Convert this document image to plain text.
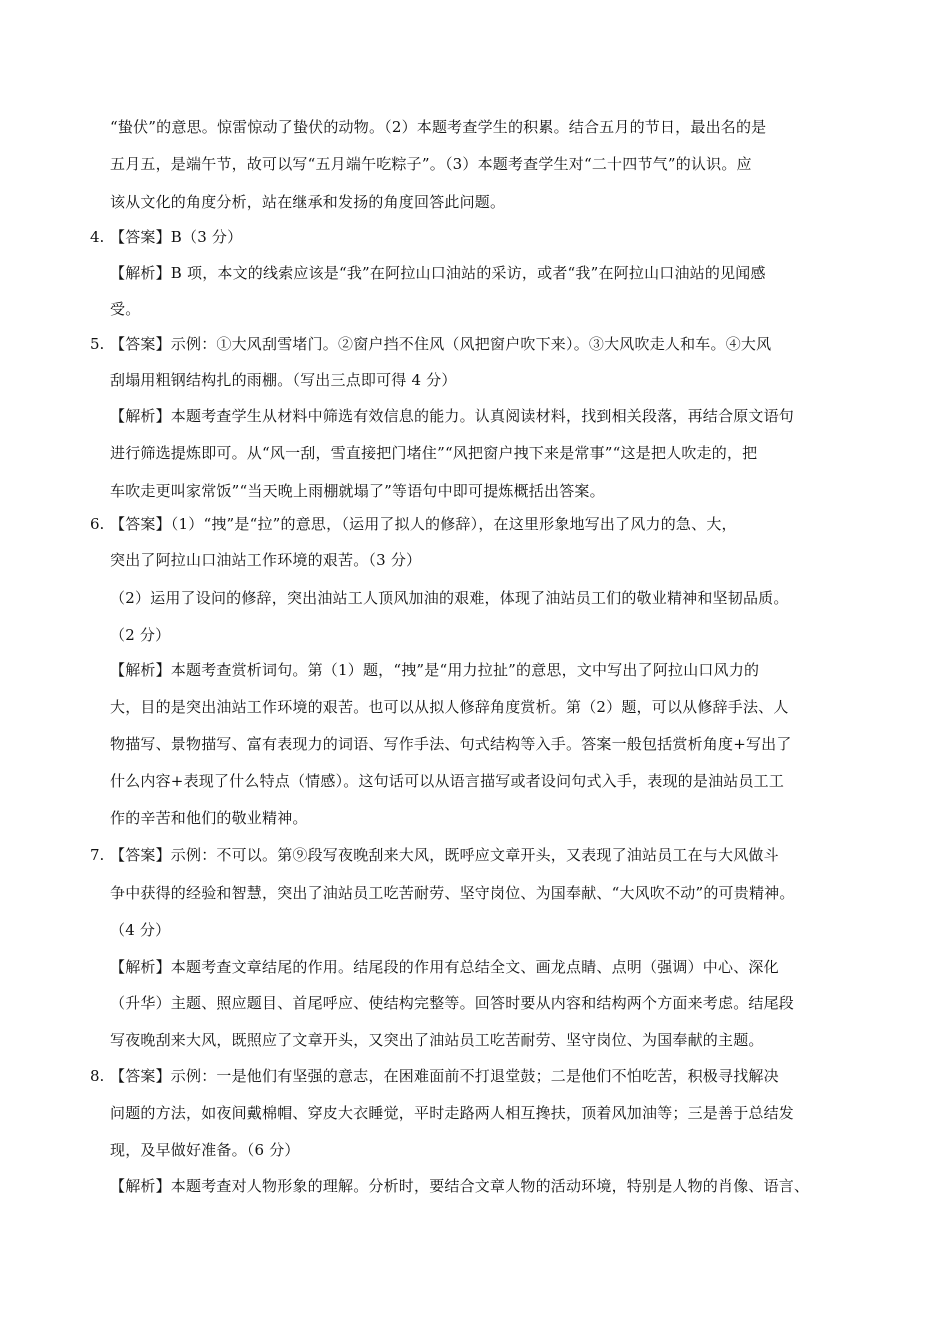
“蛰伏”的意思。惊雷惊动了蛰伏的动物。（2）本题考查学生的积累。结合五月的节日，最出名的是
五月五，是端午节，故可以写“五月端午吃粽子”。（3）本题考查学生对“二十四节气”的认识。应
该从文化的角度分析，站在继承和发扬的角度回答此问题。
4. 【答案】B（3 分）
【解析】B 项，本文的线索应该是“我”在阿拉山口油站的采访，或者“我”在阿拉山口油站的见闻感
受。
5. 【答案】示例：①大风刮雪堵门。②窗户挡不住风（风把窗户吹下来）。③大风吹走人和车。④大风
刮塌用粗钢结构扎的雨棚。（写出三点即可得 4 分）
【解析】本题考查学生从材料中筛选有效信息的能力。认真阅读材料，找到相关段落，再结合原文语句
进行筛选提炼即可。从“风一刮，雪直接把门堵住”“风把窗户拽下来是常事”“这是把人吹走的，把
车吹走更叫家常饭”“当天晚上雨棚就塌了”等语句中即可提炼概括出答案。
6. 【答案】（1）“拽”是“拉”的意思，（运用了拟人的修辞），在这里形象地写出了风力的急、大，
突出了阿拉山口油站工作环境的艰苦。（3 分）
（2）运用了设问的修辞，突出油站工人顶风加油的艰难，体现了油站员工们的敬业精神和坚韧品质。
（2 分）
【解析】本题考查赏析词句。第（1）题，“拽”是“用力拉扯”的意思，文中写出了阿拉山口风力的
大，目的是突出油站工作环境的艰苦。也可以从拟人修辞角度赏析。第（2）题，可以从修辞手法、人
物描写、景物描写、富有表现力的词语、写作手法、句式结构等入手。答案一般包括赏析角度+写出了
什么内容+表现了什么特点（情感）。这句话可以从语言描写或者设问句式入手，表现的是油站员工工
作的辛苦和他们的敬业精神。
7. 【答案】示例：不可以。第⑨段写夜晚刮来大风，既呼应文章开头，又表现了油站员工在与大风做斗
争中获得的经验和智慧，突出了油站员工吃苦耐劳、坚守岗位、为国奉献、“大风吹不动”的可贵精神。
（4 分）
【解析】本题考查文章结尾的作用。结尾段的作用有总结全文、画龙点睛、点明（强调）中心、深化
（升华）主题、照应题目、首尾呼应、使结构完整等。回答时要从内容和结构两个方面来考虑。结尾段
写夜晚刮来大风，既照应了文章开头，又突出了油站员工吃苦耐劳、坚守岗位、为国奉献的主题。
8. 【答案】示例：一是他们有坚强的意志，在困难面前不打退堂鼓；二是他们不怕吃苦，积极寻找解决
问题的方法，如夜间戴棉帽、穿皮大衣睡觉，平时走路两人相互搀扶，顶着风加油等；三是善于总结发
现，及早做好准备。（6 分）
【解析】本题考查对人物形象的理解。分析时，要结合文章人物的活动环境，特别是人物的肖像、语言、
